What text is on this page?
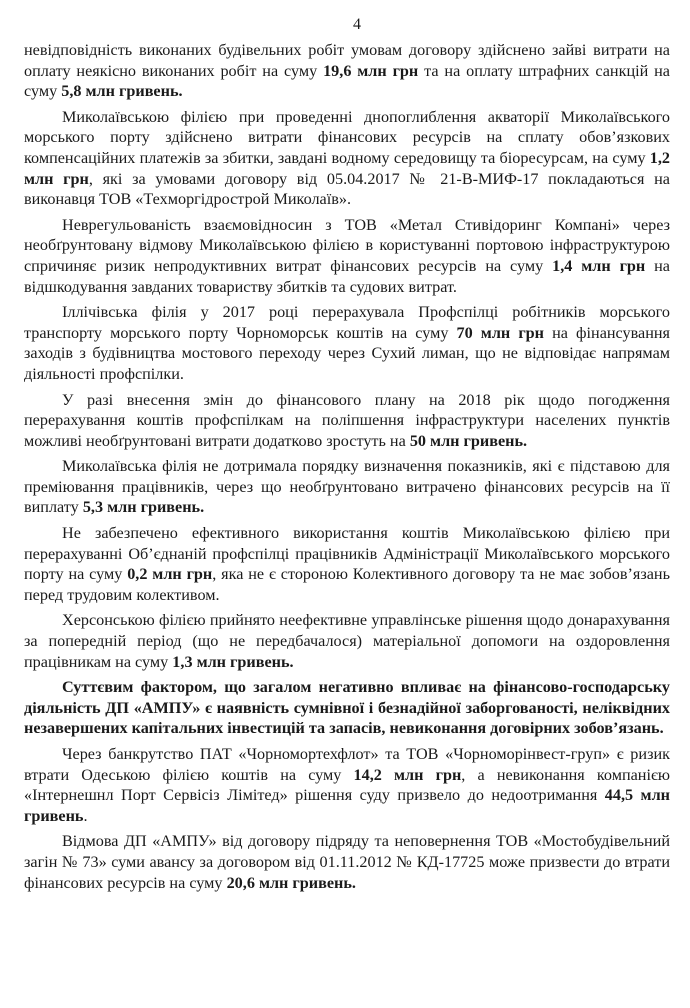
4

невідповідність виконаних будівельних робіт умовам договору здійснено зайві витрати на оплату неякісно виконаних робіт на суму 19,6 млн грн та на оплату штрафних санкцій на суму 5,8 млн гривень.

Миколаївською філією при проведенні днопоглиблення акваторії Миколаївського морського порту здійснено витрати фінансових ресурсів на сплату обов’язкових компенсаційних платежів за збитки, завдані водному середовищу та біоресурсам, на суму 1,2 млн грн, які за умовами договору від 05.04.2017 № 21-В-МИФ-17 покладаються на виконавця ТОВ «Техморгідрострой Миколаїв».

Неврегульованість взаємовідносин з ТОВ «Метал Стивідоринг Компані» через необґрунтовану відмову Миколаївською філією в користуванні портовою інфраструктурою спричиняє ризик непродуктивних витрат фінансових ресурсів на суму 1,4 млн грн на відшкодування завданих товариству збитків та судових витрат.

Іллічівська філія у 2017 році перерахувала Профспілці робітників морського транспорту морського порту Чорноморськ коштів на суму 70 млн грн на фінансування заходів з будівництва мостового переходу через Сухий лиман, що не відповідає напрямам діяльності профспілки.

У разі внесення змін до фінансового плану на 2018 рік щодо погодження перерахування коштів профспілкам на поліпшення інфраструктури населених пунктів можливі необґрунтовані витрати додатково зростуть на 50 млн гривень.

Миколаївська філія не дотримала порядку визначення показників, які є підставою для преміювання працівників, через що необґрунтовано витрачено фінансових ресурсів на її виплату 5,3 млн гривень.

Не забезпечено ефективного використання коштів Миколаївською філією при перерахуванні Об’єднаній профспілці працівників Адміністрації Миколаївського морського порту на суму 0,2 млн грн, яка не є стороною Колективного договору та не має зобов’язань перед трудовим колективом.

Херсонською філією прийнято неефективне управлінське рішення щодо донарахування за попередній період (що не передбачалося) матеріальної допомоги на оздоровлення працівникам на суму 1,3 млн гривень.

Суттєвим фактором, що загалом негативно впливає на фінансово-господарську діяльність ДП «АМПУ» є наявність сумнівної і безнадійної заборгованості, неліквідних незавершених капітальних інвестицій та запасів, невиконання договірних зобов’язань.

Через банкрутство ПАТ «Чорномортехфлот» та ТОВ «Чорноморінвест-груп» є ризик втрати Одеською філією коштів на суму 14,2 млн грн, а невиконання компанією «Інтернешнл Порт Сервісіз Лімітед» рішення суду призвело до недоотримання 44,5 млн гривень.

Відмова ДП «АМПУ» від договору підряду та неповернення ТОВ «Мостобудівельний загін № 73» суми авансу за договором від 01.11.2012 № КД-17725 може призвести до втрати фінансових ресурсів на суму 20,6 млн гривень.
